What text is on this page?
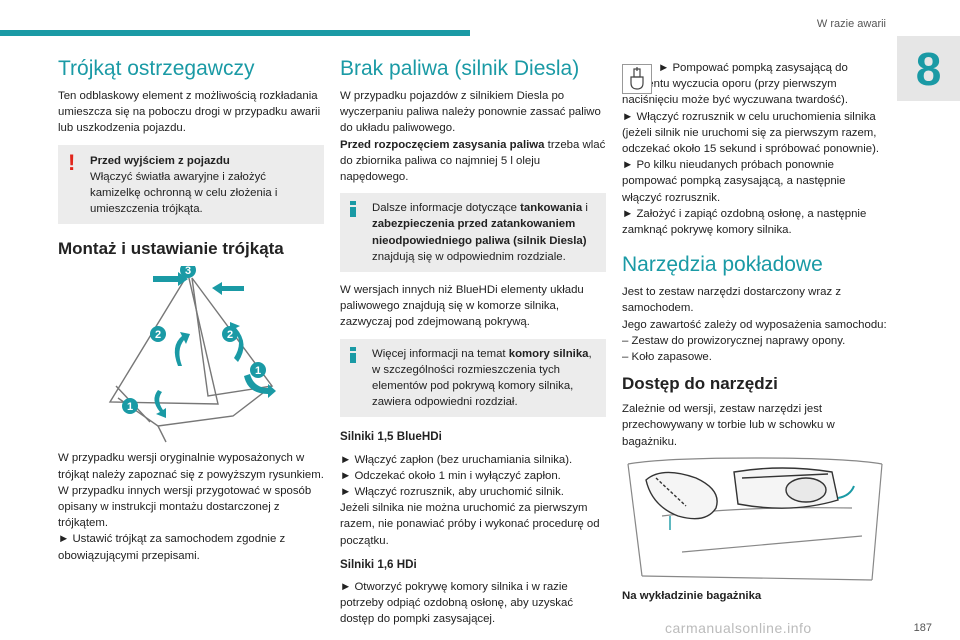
W razie awarii
8
Trójkąt ostrzegawczy

Ten odblaskowy element z możliwością rozkładania umieszcza się na poboczu drogi w przypadku awarii lub uszkodzenia pojazdu.

!	Przed wyjściem z pojazdu
Włączyć światła awaryjne i założyć kamizelkę ochronną w celu złożenia i umieszczenia trójkąta.
Montaż i ustawianie trójkąta
3
2	2
1
1

W przypadku wersji oryginalnie wyposażonych w trójkąt należy zapoznać się z powyższym rysunkiem.

W przypadku innych wersji przygotować w sposób opisany w instrukcji montażu dostarczonej z trójkątem.

► Ustawić trójkąt za samochodem zgodnie z obowiązującymi przepisami.

Brak paliwa (silnik Diesla)

W przypadku pojazdów z silnikiem Diesla po wyczerpaniu paliwa należy ponownie zassać paliwo do układu paliwowego.

Przed rozpoczęciem zasysania paliwa trzeba wlać do zbiornika paliwa co najmniej 5 l oleju napędowego.

Dalsze informacje dotyczące tankowania i zabezpieczenia przed zatankowaniem nieodpowiedniego paliwa (silnik Diesla) znajdują się w odpowiednim rozdziale.

W wersjach innych niż BlueHDi elementy układu paliwowego znajdują się w komorze silnika, zazwyczaj pod zdejmowaną pokrywą.

Więcej informacji na temat komory silnika, w szczególności rozmieszczenia tych elementów pod pokrywą komory silnika, zawiera odpowiedni rozdział.
Silniki 1,5 BlueHDi

► Włączyć zapłon (bez uruchamiania silnika).
► Odczekać około 1 min i wyłączyć zapłon.
► Włączyć rozrusznik, aby uruchomić silnik.
Jeżeli silnika nie można uruchomić za pierwszym razem, nie ponawiać próby i wykonać procedurę od początku.

Silniki 1,6 HDi

► Otworzyć pokrywę komory silnika i w razie potrzeby odpiąć ozdobną osłonę, aby uzyskać dostęp do pompki zasysającej.

► Pompować pompką zasysającą do momentu wyczucia oporu (przy pierwszym naciśnięciu może być wyczuwana twardość).

► Włączyć rozrusznik w celu uruchomienia silnika (jeżeli silnik nie uruchomi się za pierwszym razem, odczekać około 15 sekund i spróbować ponownie).
► Po kilku nieudanych próbach ponownie pompować pompką zasysającą, a następnie włączyć rozrusznik.
► Założyć i zapiąć ozdobną osłonę, a następnie zamknąć pokrywę komory silnika.

Narzędzia pokładowe

Jest to zestaw narzędzi dostarczony wraz z samochodem.

Jego zawartość zależy od wyposażenia samochodu:

– Zestaw do prowizorycznej naprawy opony.

– Koło zapasowe.

Dostęp do narzędzi

Zależnie od wersji, zestaw narzędzi jest przechowywany w torbie lub w schowku w bagażniku.

Na wykładzinie bagażnika
carmanualsonline.info	187
